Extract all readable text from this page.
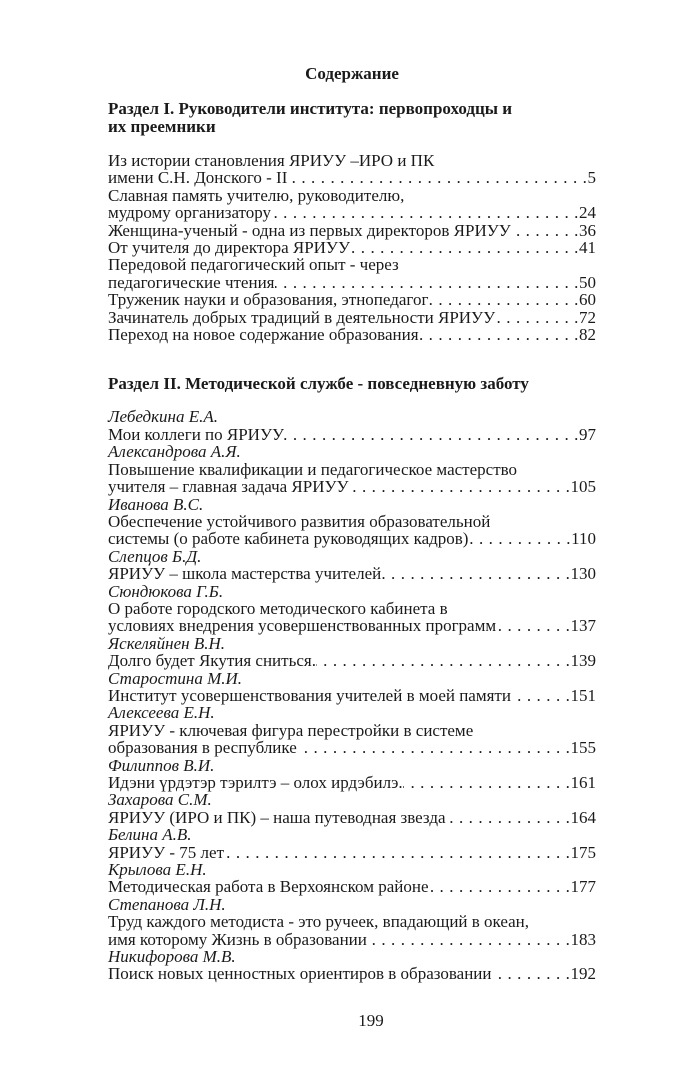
Содержание
Раздел I. Руководители института: первопроходцы и
их преемники
Из истории становления ЯРИУУ –ИРО и ПК
имени С.Н. Донского - II . . .	5
Славная память учителю, руководителю,
мудрому организатору . . .	24
Женщина-ученый - одна из первых директоров ЯРИУУ . . .	36
От учителя до директора ЯРИУУ . . .	41
Передовой педагогический опыт - через
педагогические чтения . . .	50
Труженик науки и образования, этнопедагог . . .	60
Зачинатель добрых традиций в деятельности ЯРИУУ . . .	72
Переход на новое содержание образования . . .	82
Раздел II. Методической службе - повседневную заботу
Лебедкина Е.А.
Мои коллеги по ЯРИУУ . . .	97
Александрова А.Я.
Повышение квалификации и педагогическое мастерство
учителя – главная задача ЯРИУУ . . .	105
Иванова В.С.
Обеспечение устойчивого развития образовательной
системы (о работе кабинета руководящих кадров) . . .	110
Слепцов Б.Д.
ЯРИУУ – школа мастерства учителей . . .	130
Сюндюкова Г.Б.
О работе городского методического кабинета в
условиях внедрения усовершенствованных программ . . .	137
Яскеляйнен В.Н.
Долго будет Якутия сниться. . . .	139
Старостина М.И.
Институт усовершенствования учителей в моей памяти . . .	151
Алексеева Е.Н.
ЯРИУУ - ключевая фигура перестройки в системе
образования в республике . . .	155
Филиппов В.И.
Идэни үрдэтэр тэрилтэ – олох ирдэбилэ. . . .	161
Захарова С.М.
ЯРИУУ (ИРО и ПК) – наша путеводная звезда . . .	164
Белина А.В.
ЯРИУУ - 75 лет . . .	175
Крылова Е.Н.
Методическая работа в Верхоянском районе . . .	177
Степанова Л.Н.
Труд каждого методиста - это ручеек, впадающий в океан,
имя которому Жизнь в образовании . . .	183
Никифорова М.В.
Поиск новых ценностных ориентиров в образовании . . .	192
199
